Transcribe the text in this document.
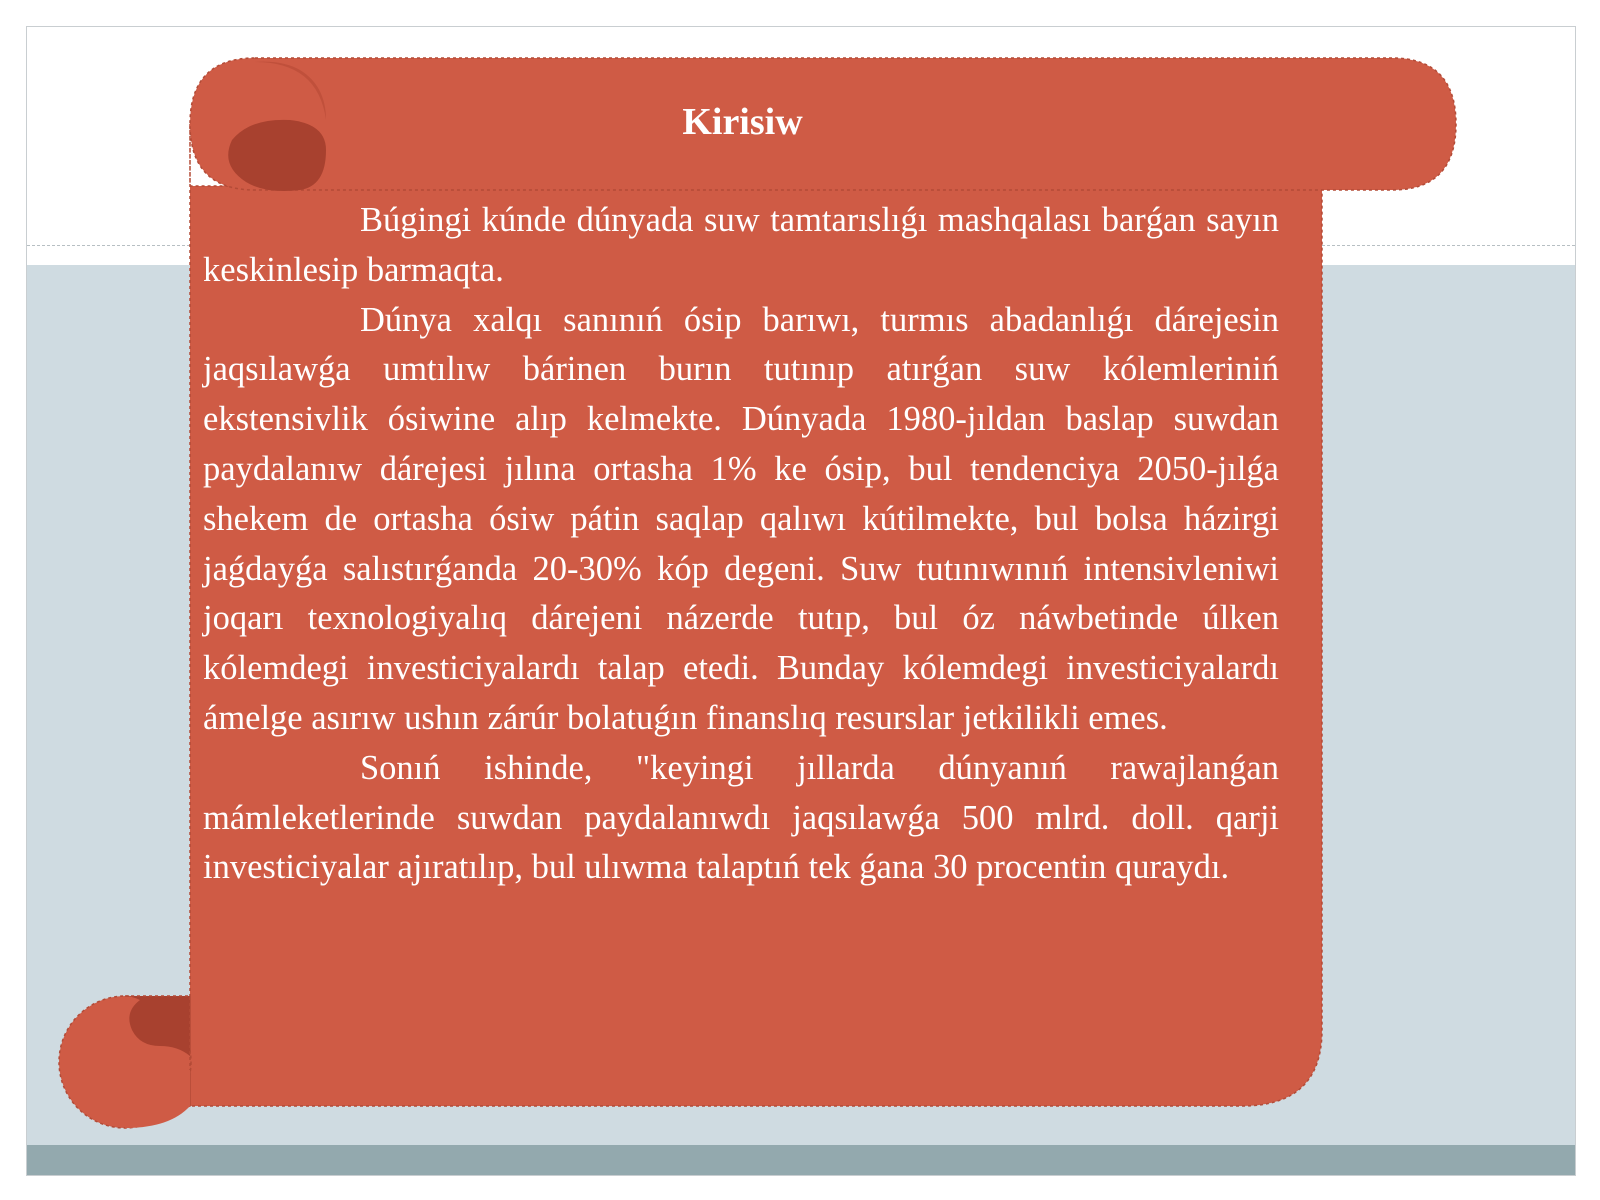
Kirisiw

Búgingi kúnde dúnyada suw tamtarıslıǵı mashqalası barǵan sayın keskinlesip barmaqta.

Dúnya xalqı sanınıń ósip barıwı, turmıs abadanlıǵı dárejesin jaqsılawǵa umtılıw bárinen burın tutınıp atırǵan suw kólemleriniń ekstensivlik ósiwine alıp kelmekte. Dúnyada 1980-jıldan baslap suwdan paydalanıw dárejesi jılına ortasha 1% ke ósip, bul tendenciya 2050-jılǵa shekem de ortasha ósiw pátin saqlap qalıwı kútilmekte, bul bolsa házirgi jaǵdayǵa salıstırǵanda 20-30% kóp degeni. Suw tutınıwınıń intensivleniwi joqarı texnologiyalıq dárejeni názerde tutıp, bul óz náwbetinde úlken kólemdegi investiciyalardı talap etedi. Bunday kólemdegi investiciyalardı ámelge asırıw ushın zárúr bolatuǵın finanslıq resurslar jetkilikli emes.

Sonıń ishinde, "keyingi jıllarda dúnyanıń rawajlanǵan mámleketlerinde suwdan paydalanıwdı jaqsılawǵa 500 mlrd. doll. qarji investiciyalar ajıratılıp, bul ulıwma talaptıń tek ǵana 30 procentin quraydı.
